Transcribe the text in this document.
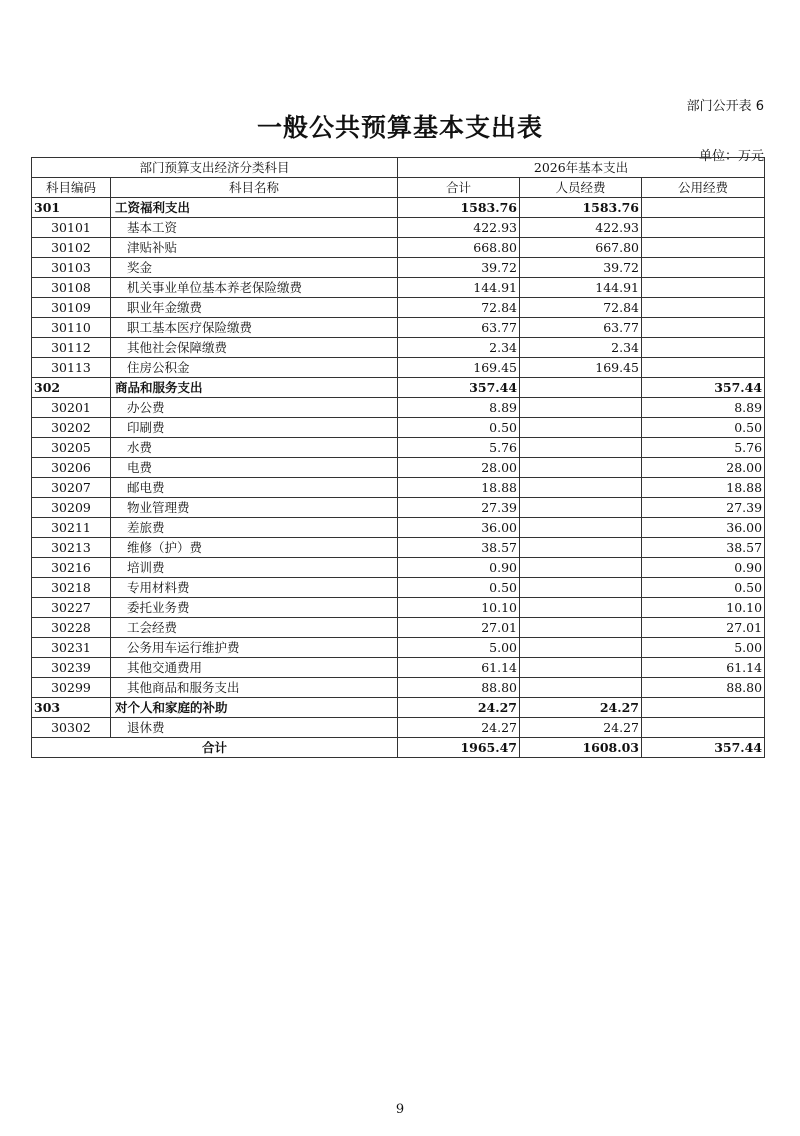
部门公开表 6
一般公共预算基本支出表
单位：万元
部门预算支出经济分类科目		2026年基本支出		
科目编码	科目名称	合计	人员经费	公用经费
301	工资福利支出	1583.76	1583.76	
30101	基本工资	422.93	422.93	
30102	津贴补贴	668.80	667.80	
30103	奖金	39.72	39.72	
30108	机关事业单位基本养老保险缴费	144.91	144.91	
30109	职业年金缴费	72.84	72.84	
30110	职工基本医疗保险缴费	63.77	63.77	
30112	其他社会保障缴费	2.34	2.34	
30113	住房公积金	169.45	169.45	
302	商品和服务支出	357.44		357.44
30201	办公费	8.89		8.89
30202	印刷费	0.50		0.50
30205	水费	5.76		5.76
30206	电费	28.00		28.00
30207	邮电费	18.88		18.88
30209	物业管理费	27.39		27.39
30211	差旅费	36.00		36.00
30213	维修（护）费	38.57		38.57
30216	培训费	0.90		0.90
30218	专用材料费	0.50		0.50
30227	委托业务费	10.10		10.10
30228	工会经费	27.01		27.01
30231	公务用车运行维护费	5.00		5.00
30239	其他交通费用	61.14		61.14
30299	其他商品和服务支出	88.80		88.80
303	对个人和家庭的补助	24.27	24.27	
30302	退休费	24.27	24.27	
合计		1965.47	1608.03	357.44
9
